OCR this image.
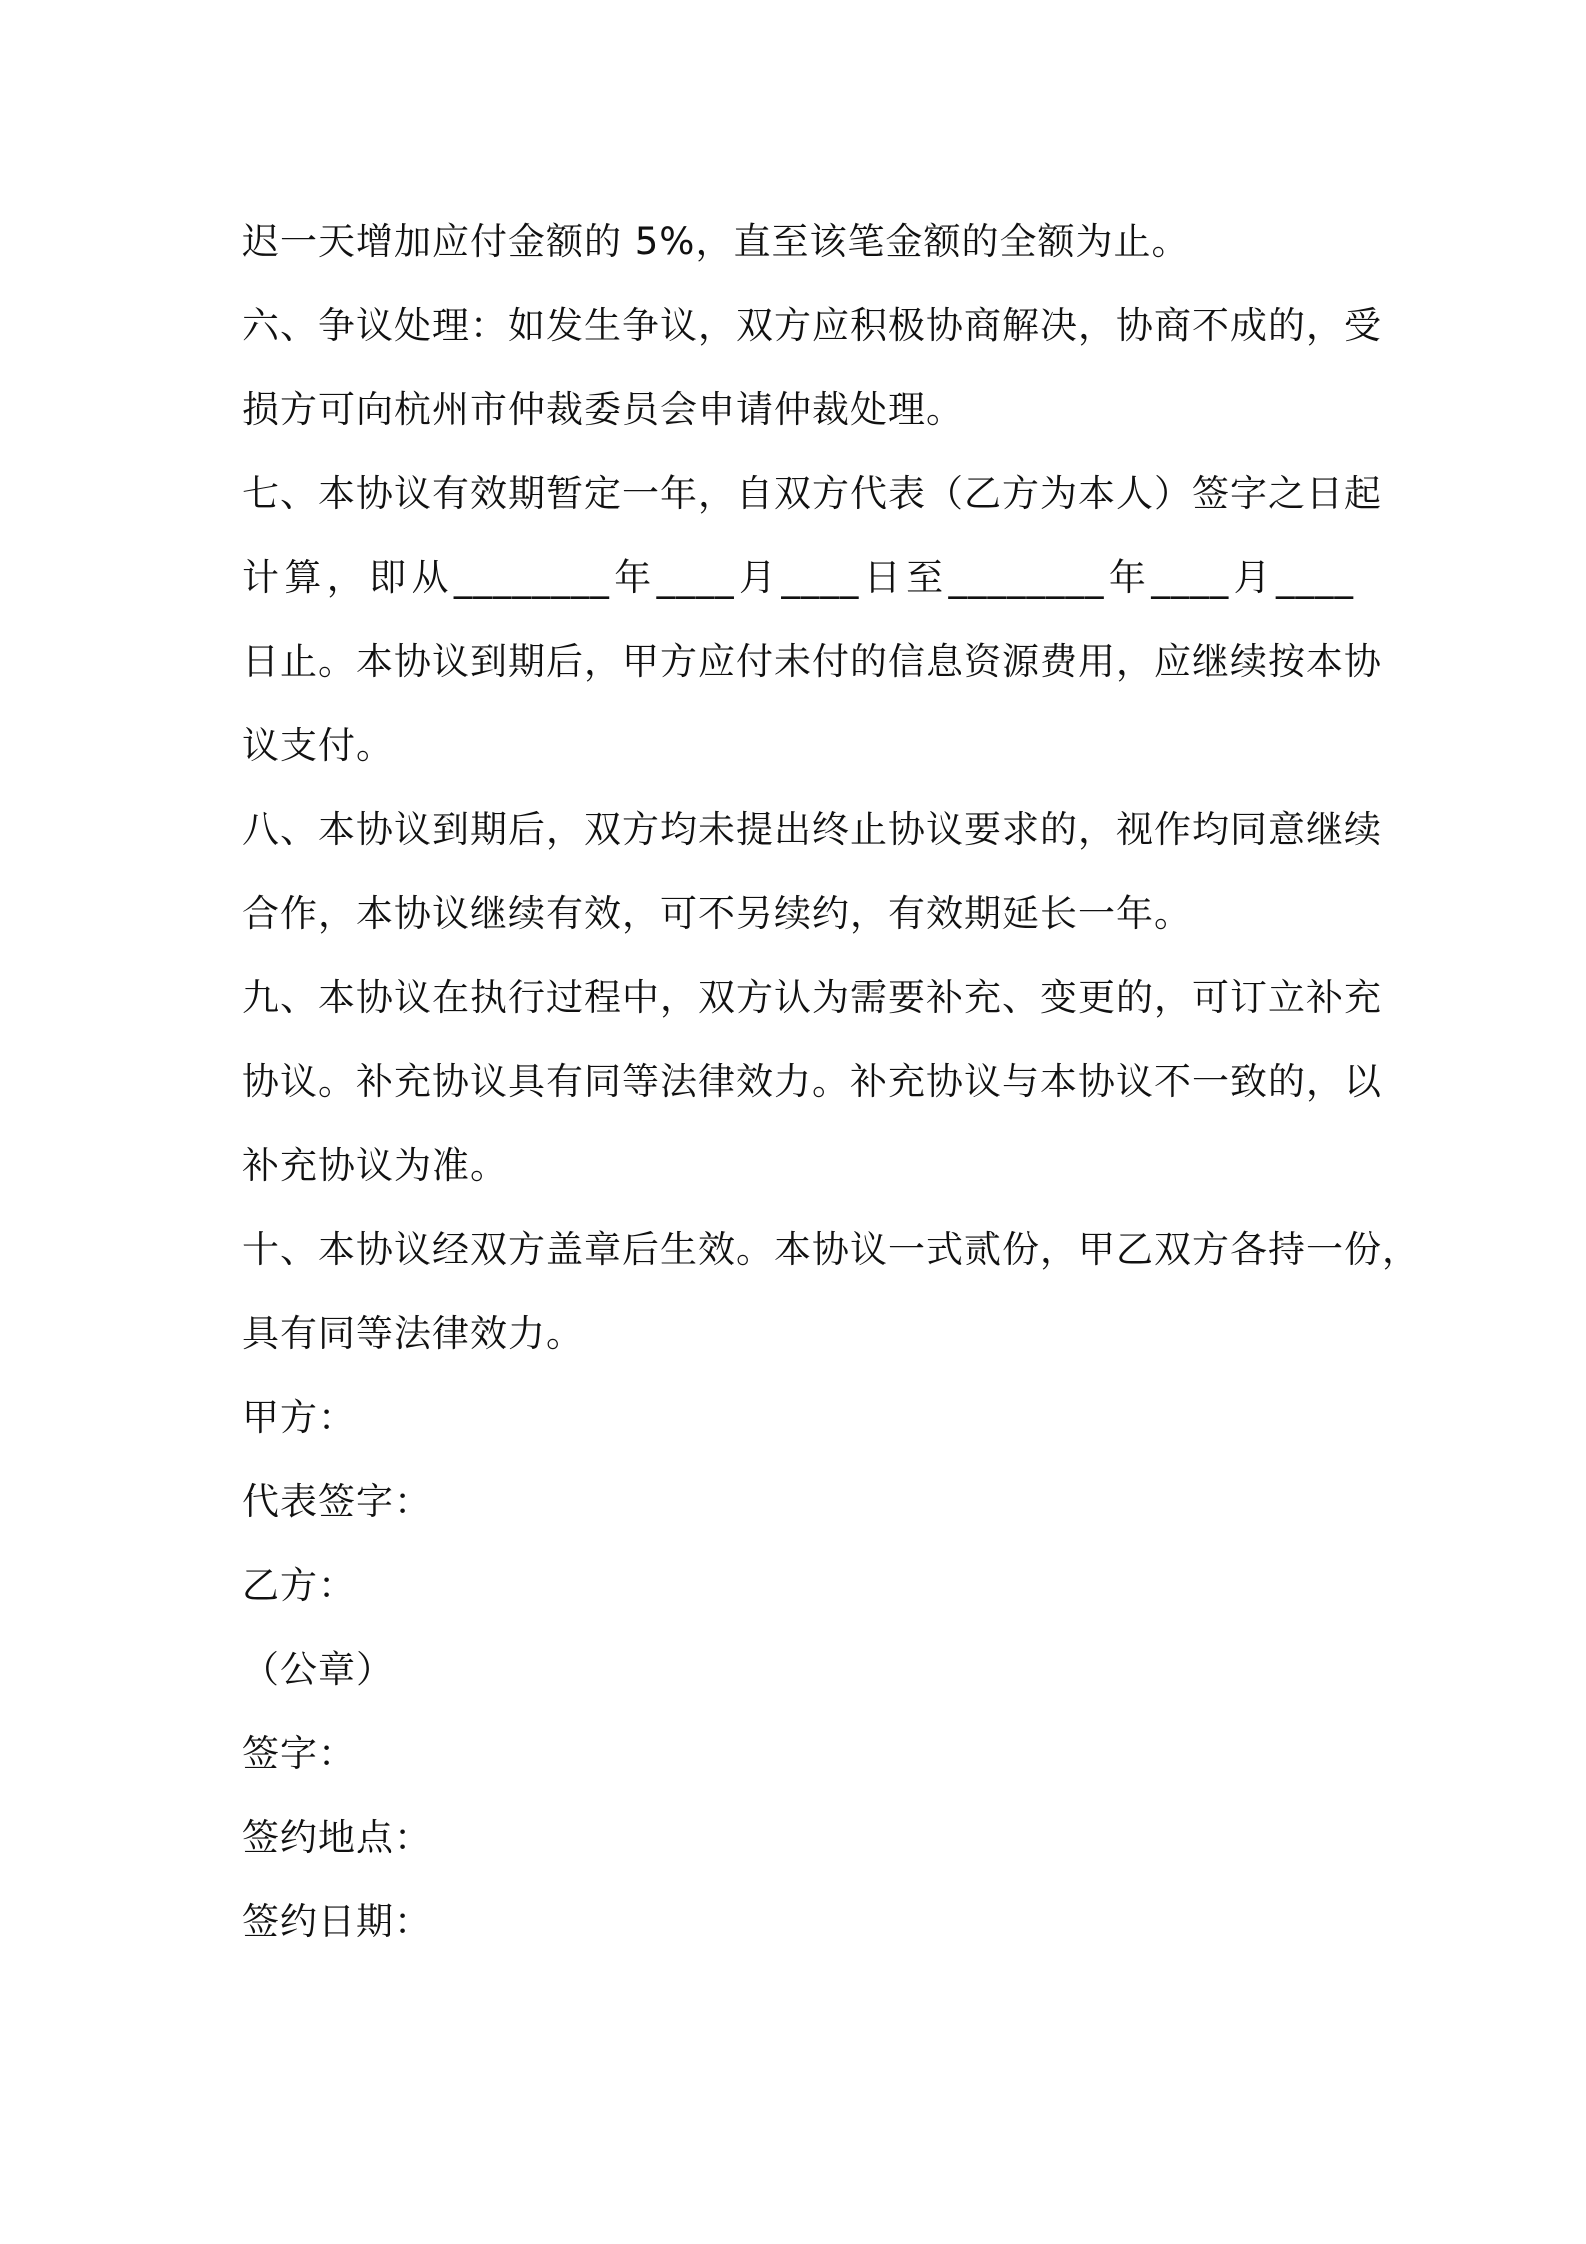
迟一天增加应付金额的 5%，直至该笔金额的全额为止。
六、争议处理：如发生争议，双方应积极协商解决，协商不成的，受
损方可向杭州市仲裁委员会申请仲裁处理。
七、本协议有效期暂定一年，自双方代表（乙方为本人）签字之日起
计算，即从________年____月____日至________年____月____
日止。本协议到期后，甲方应付未付的信息资源费用，应继续按本协
议支付。
八、本协议到期后，双方均未提出终止协议要求的，视作均同意继续
合作，本协议继续有效，可不另续约，有效期延长一年。
九、本协议在执行过程中，双方认为需要补充、变更的，可订立补充
协议。补充协议具有同等法律效力。补充协议与本协议不一致的，以
补充协议为准。
十、本协议经双方盖章后生效。本协议一式贰份，甲乙双方各持一份，
具有同等法律效力。
甲方：
代表签字：
乙方：
（公章）
签字：
签约地点：
签约日期：
